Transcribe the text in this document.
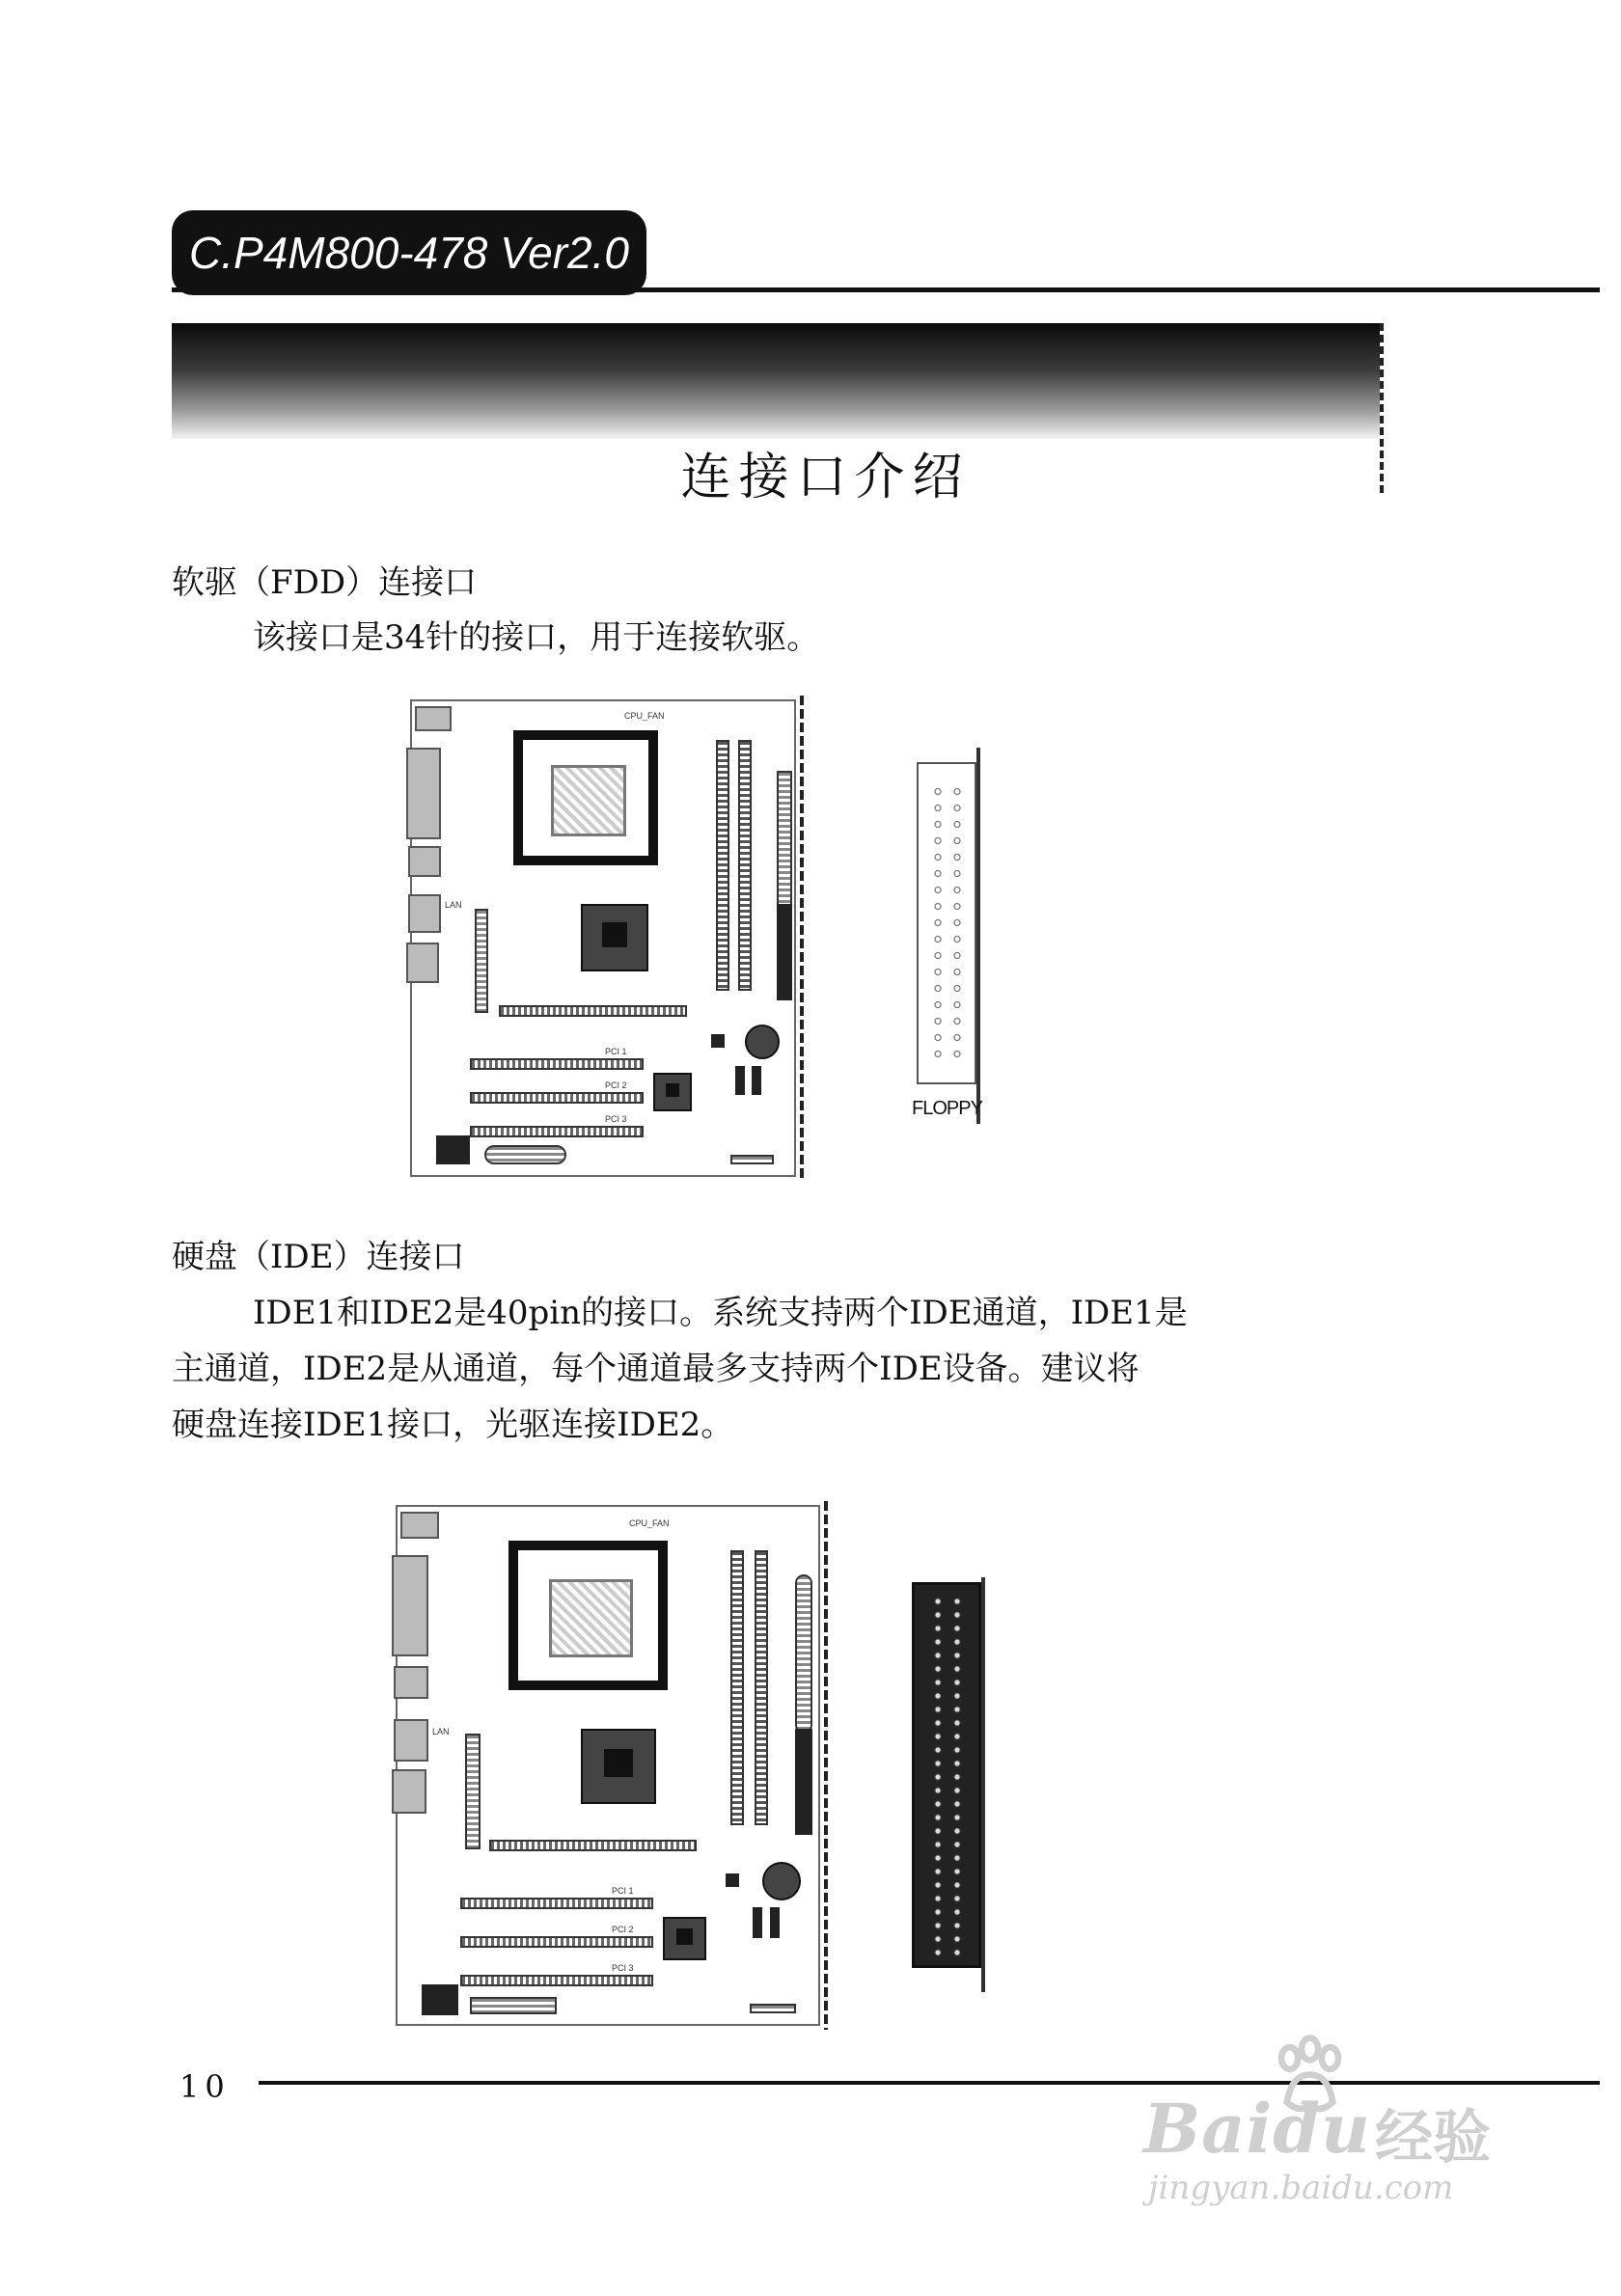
C.P4M800-478 Ver2.0
连接口介绍
软驱（FDD）连接口
该接口是34针的接口，用于连接软驱。
LAN
CPU_FAN
PCI 1
PCI 2
PCI 3	FLOPPY
硬盘（IDE）连接口
IDE1和IDE2是40pin的接口。系统支持两个IDE通道，IDE1是
主通道，IDE2是从通道，每个通道最多支持两个IDE设备。建议将
硬盘连接IDE1接口，光驱连接IDE2。
LAN
CPU_FAN
PCI 1
PCI 2
PCI 3
10
Baidu 经验
jingyan.baidu.com
